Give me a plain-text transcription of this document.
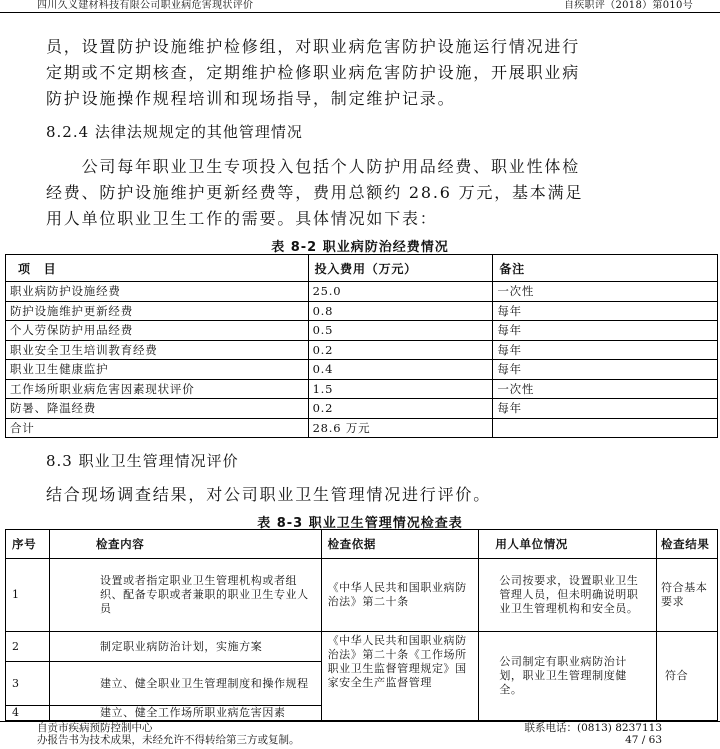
四川久义建材科技有限公司职业病危害现状评价	自疾职评（2018）第010号
员，设置防护设施维护检修组，对职业病危害防护设施运行情况进行
定期或不定期核查，定期维护检修职业病危害防护设施，开展职业病
防护设施操作规程培训和现场指导，制定维护记录。
8.2.4 法律法规规定的其他管理情况
　　公司每年职业卫生专项投入包括个人防护用品经费、职业性体检
经费、防护设施维护更新经费等，费用总额约 28.6 万元，基本满足
用人单位职业卫生工作的需要。具体情况如下表：

表 8-2 职业病防治经费情况

项　目	投入费用（万元）	备注
职业病防护设施经费	25.0	一次性
防护设施维护更新经费	0.8	每年
个人劳保防护用品经费	0.5	每年
职业安全卫生培训教育经费	0.2	每年
职业卫生健康监护	0.4	每年
工作场所职业病危害因素现状评价	1.5	一次性
防暑、降温经费	0.2	每年
合计	28.6 万元	
8.3 职业卫生管理情况评价
结合现场调查结果，对公司职业卫生管理情况进行评价。

表 8-3 职业卫生管理情况检查表

序号	检查内容	检查依据	用人单位情况	检查结果
1	设置或者指定职业卫生管理机构或者组织、配备专职或者兼职的职业卫生专业人员	《中华人民共和国职业病防治法》第二十条	公司按要求，设置职业卫生管理人员，但未明确说明职业卫生管理机构和安全员。	符合基本要求
2	制定职业病防治计划，实施方案	《中华人民共和国职业病防治法》第二十条《工作场所职业卫生监督管理规定》国家安全生产监督管理	公司制定有职业病防治计划，职业卫生管理制度健全。	符合
3	建立、健全职业卫生管理制度和操作规程			
4	建立、健全工作场所职业病危害因素			
自贡市疾病预防控制中心	联系电话：(0813) 8237113
办报告书为技术成果，未经允许不得转给第三方或复制。	47 / 63
